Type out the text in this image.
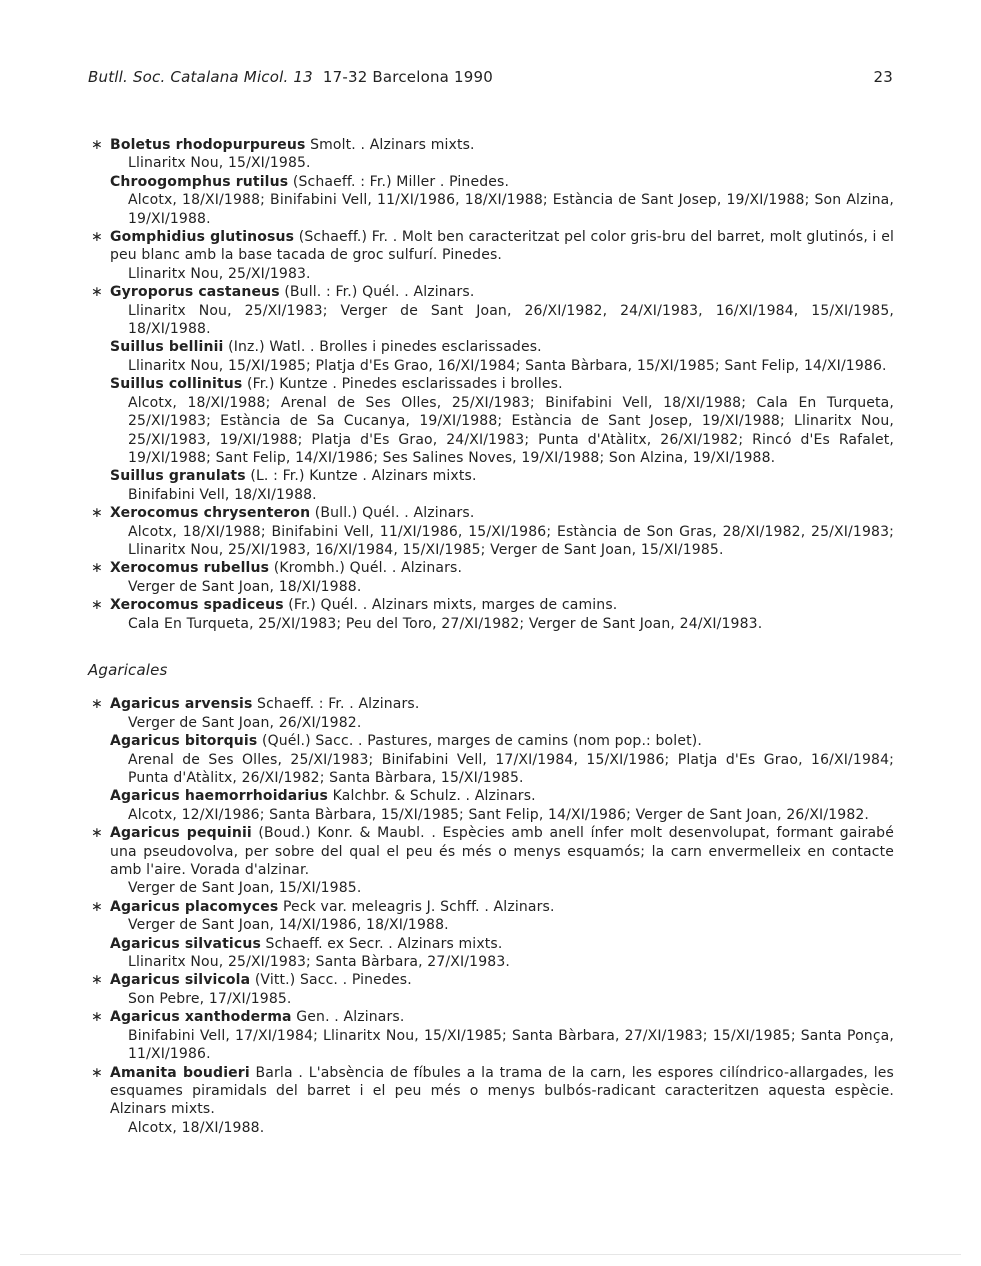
Butll. Soc. Catalana Micol. 13 17-32 Barcelona 1990	23
∗ Boletus rhodopurpureus Smolt. . Alzinars mixts.
Llinaritx Nou, 15/XI/1985.
Chroogomphus rutilus (Schaeff. : Fr.) Miller . Pinedes.
Alcotx, 18/XI/1988; Binifabini Vell, 11/XI/1986, 18/XI/1988; Estància de Sant Josep, 19/XI/1988; Son Alzina, 19/XI/1988.
∗ Gomphidius glutinosus (Schaeff.) Fr. . Molt ben caracteritzat pel color gris-bru del barret, molt glutinós, i el peu blanc amb la base tacada de groc sulfurí. Pinedes.
Llinaritx Nou, 25/XI/1983.
∗ Gyroporus castaneus (Bull. : Fr.) Quél. . Alzinars.
Llinaritx Nou, 25/XI/1983; Verger de Sant Joan, 26/XI/1982, 24/XI/1983, 16/XI/1984, 15/XI/1985, 18/XI/1988.
Suillus bellinii (Inz.) Watl. . Brolles i pinedes esclarissades.
Llinaritx Nou, 15/XI/1985; Platja d'Es Grao, 16/XI/1984; Santa Bàrbara, 15/XI/1985; Sant Felip, 14/XI/1986.
Suillus collinitus (Fr.) Kuntze . Pinedes esclarissades i brolles.
Alcotx, 18/XI/1988; Arenal de Ses Olles, 25/XI/1983; Binifabini Vell, 18/XI/1988; Cala En Turqueta, 25/XI/1983; Estància de Sa Cucanya, 19/XI/1988; Estància de Sant Josep, 19/XI/1988; Llinaritx Nou, 25/XI/1983, 19/XI/1988; Platja d'Es Grao, 24/XI/1983; Punta d'Atàlitx, 26/XI/1982; Rincó d'Es Rafalet, 19/XI/1988; Sant Felip, 14/XI/1986; Ses Salines Noves, 19/XI/1988; Son Alzina, 19/XI/1988.
Suillus granulats (L. : Fr.) Kuntze . Alzinars mixts.
Binifabini Vell, 18/XI/1988.
∗ Xerocomus chrysenteron (Bull.) Quél. . Alzinars.
Alcotx, 18/XI/1988; Binifabini Vell, 11/XI/1986, 15/XI/1986; Estància de Son Gras, 28/XI/1982, 25/XI/1983; Llinaritx Nou, 25/XI/1983, 16/XI/1984, 15/XI/1985; Verger de Sant Joan, 15/XI/1985.
∗ Xerocomus rubellus (Krombh.) Quél. . Alzinars.
Verger de Sant Joan, 18/XI/1988.
∗ Xerocomus spadiceus (Fr.) Quél. . Alzinars mixts, marges de camins.
Cala En Turqueta, 25/XI/1983; Peu del Toro, 27/XI/1982; Verger de Sant Joan, 24/XI/1983.
Agaricales
∗ Agaricus arvensis Schaeff. : Fr. . Alzinars.
Verger de Sant Joan, 26/XI/1982.
Agaricus bitorquis (Quél.) Sacc. . Pastures, marges de camins (nom pop.: bolet).
Arenal de Ses Olles, 25/XI/1983; Binifabini Vell, 17/XI/1984, 15/XI/1986; Platja d'Es Grao, 16/XI/1984; Punta d'Atàlitx, 26/XI/1982; Santa Bàrbara, 15/XI/1985.
Agaricus haemorrhoidarius Kalchbr. & Schulz. . Alzinars.
Alcotx, 12/XI/1986; Santa Bàrbara, 15/XI/1985; Sant Felip, 14/XI/1986; Verger de Sant Joan, 26/XI/1982.
∗ Agaricus pequinii (Boud.) Konr. & Maubl. . Espècies amb anell ínfer molt desenvolupat, formant gairabé una pseudovolva, per sobre del qual el peu és més o menys esquamós; la carn envermelleix en contacte amb l'aire. Vorada d'alzinar.
Verger de Sant Joan, 15/XI/1985.
∗ Agaricus placomyces Peck var. meleagris J. Schff. . Alzinars.
Verger de Sant Joan, 14/XI/1986, 18/XI/1988.
Agaricus silvaticus Schaeff. ex Secr. . Alzinars mixts.
Llinaritx Nou, 25/XI/1983; Santa Bàrbara, 27/XI/1983.
∗ Agaricus silvicola (Vitt.) Sacc. . Pinedes.
Son Pebre, 17/XI/1985.
∗ Agaricus xanthoderma Gen. . Alzinars.
Binifabini Vell, 17/XI/1984; Llinaritx Nou, 15/XI/1985; Santa Bàrbara, 27/XI/1983; 15/XI/1985; Santa Ponça, 11/XI/1986.
∗ Amanita boudieri Barla . L'absència de fíbules a la trama de la carn, les espores cilíndrico-allargades, les esquames piramidals del barret i el peu més o menys bulbós-radicant caracteritzen aquesta espècie. Alzinars mixts.
Alcotx, 18/XI/1988.
